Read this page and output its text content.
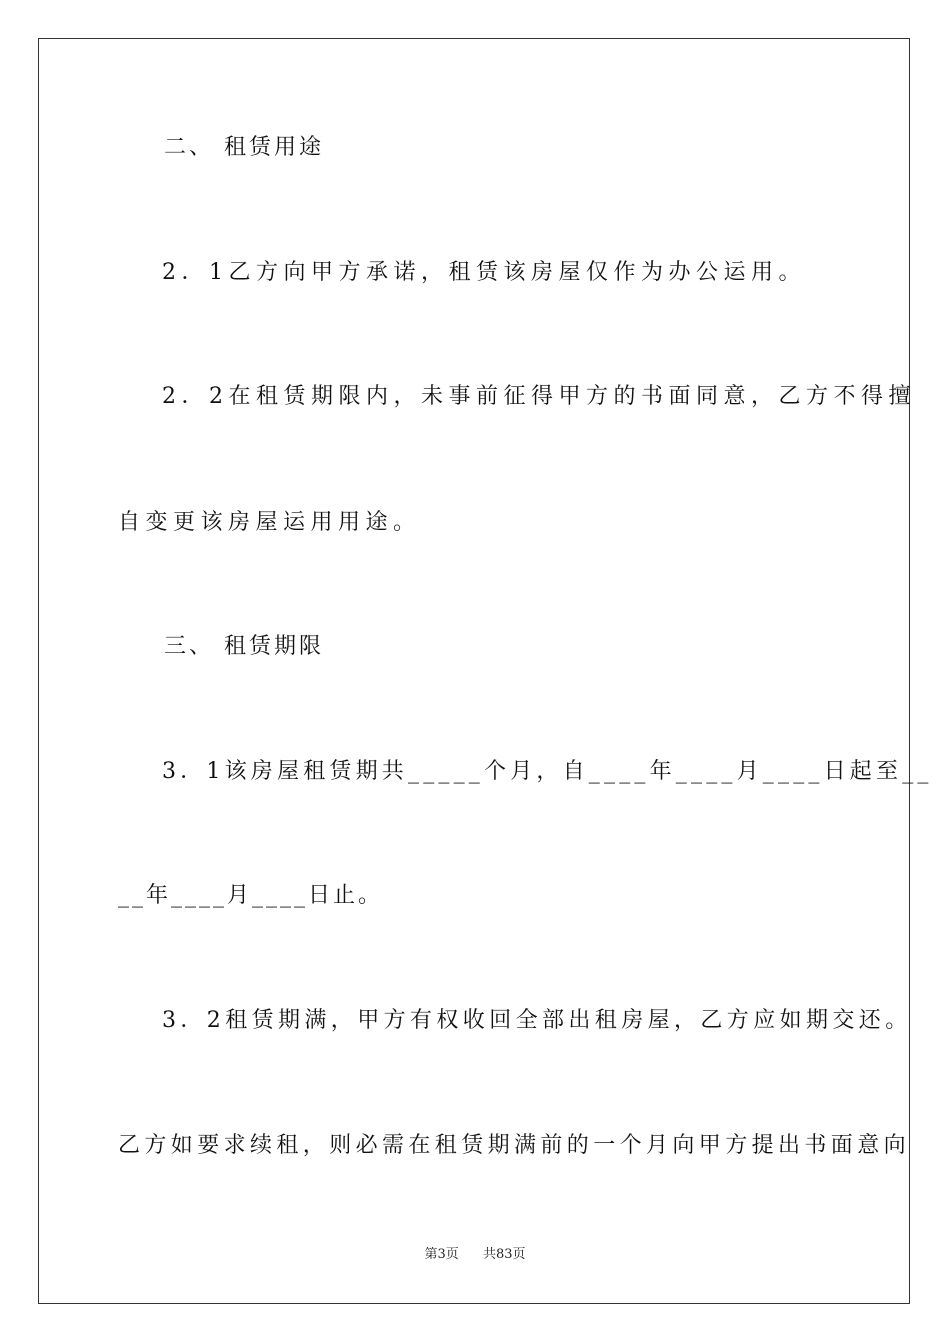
二、 租赁用途
2．1乙方向甲方承诺，租赁该房屋仅作为办公运用。
2．2在租赁期限内，未事前征得甲方的书面同意，乙方不得擅
自变更该房屋运用用途。
三、 租赁期限
3．1该房屋租赁期共_____个月，自____年____月____日起至__
__年____月____日止。
3．2租赁期满，甲方有权收回全部出租房屋，乙方应如期交还。
乙方如要求续租，则必需在租赁期满前的一个月向甲方提出书面意向
第3页 共83页
